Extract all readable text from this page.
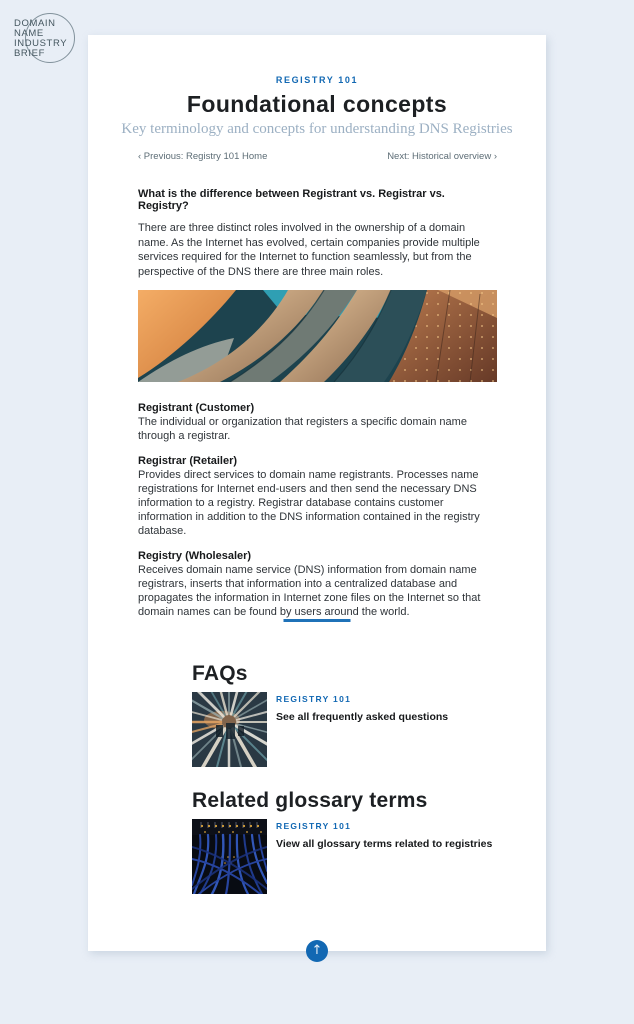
DOMAIN
NAME
INDUSTRY
BRIEF
REGISTRY 101
Foundational concepts
Key terminology and concepts for understanding DNS Registries
‹ Previous: Registry 101 Home	Next: Historical overview ›
What is the difference between Registrant vs. Registrar vs. Registry?

There are three distinct roles involved in the ownership of a domain name. As the Internet has evolved, certain companies provide multiple services required for the Internet to function seamlessly, but from the perspective of the DNS there are three main roles.

Registrant (Customer)
The individual or organization that registers a specific domain name through a registrar.
Registrar (Retailer)
Provides direct services to domain name registrants. Processes name registrations for Internet end-users and then send the necessary DNS information to a registry. Registrar database contains customer information in addition to the DNS information contained in the registry database.
Registry (Wholesaler)
Receives domain name service (DNS) information from domain name registrars, inserts that information into a centralized database and propagates the information in Internet zone files on the Internet so that domain names can be found by users around the world.
FAQs
REGISTRY 101
See all frequently asked questions
Related glossary terms
REGISTRY 101
View all glossary terms related to registries
↑
